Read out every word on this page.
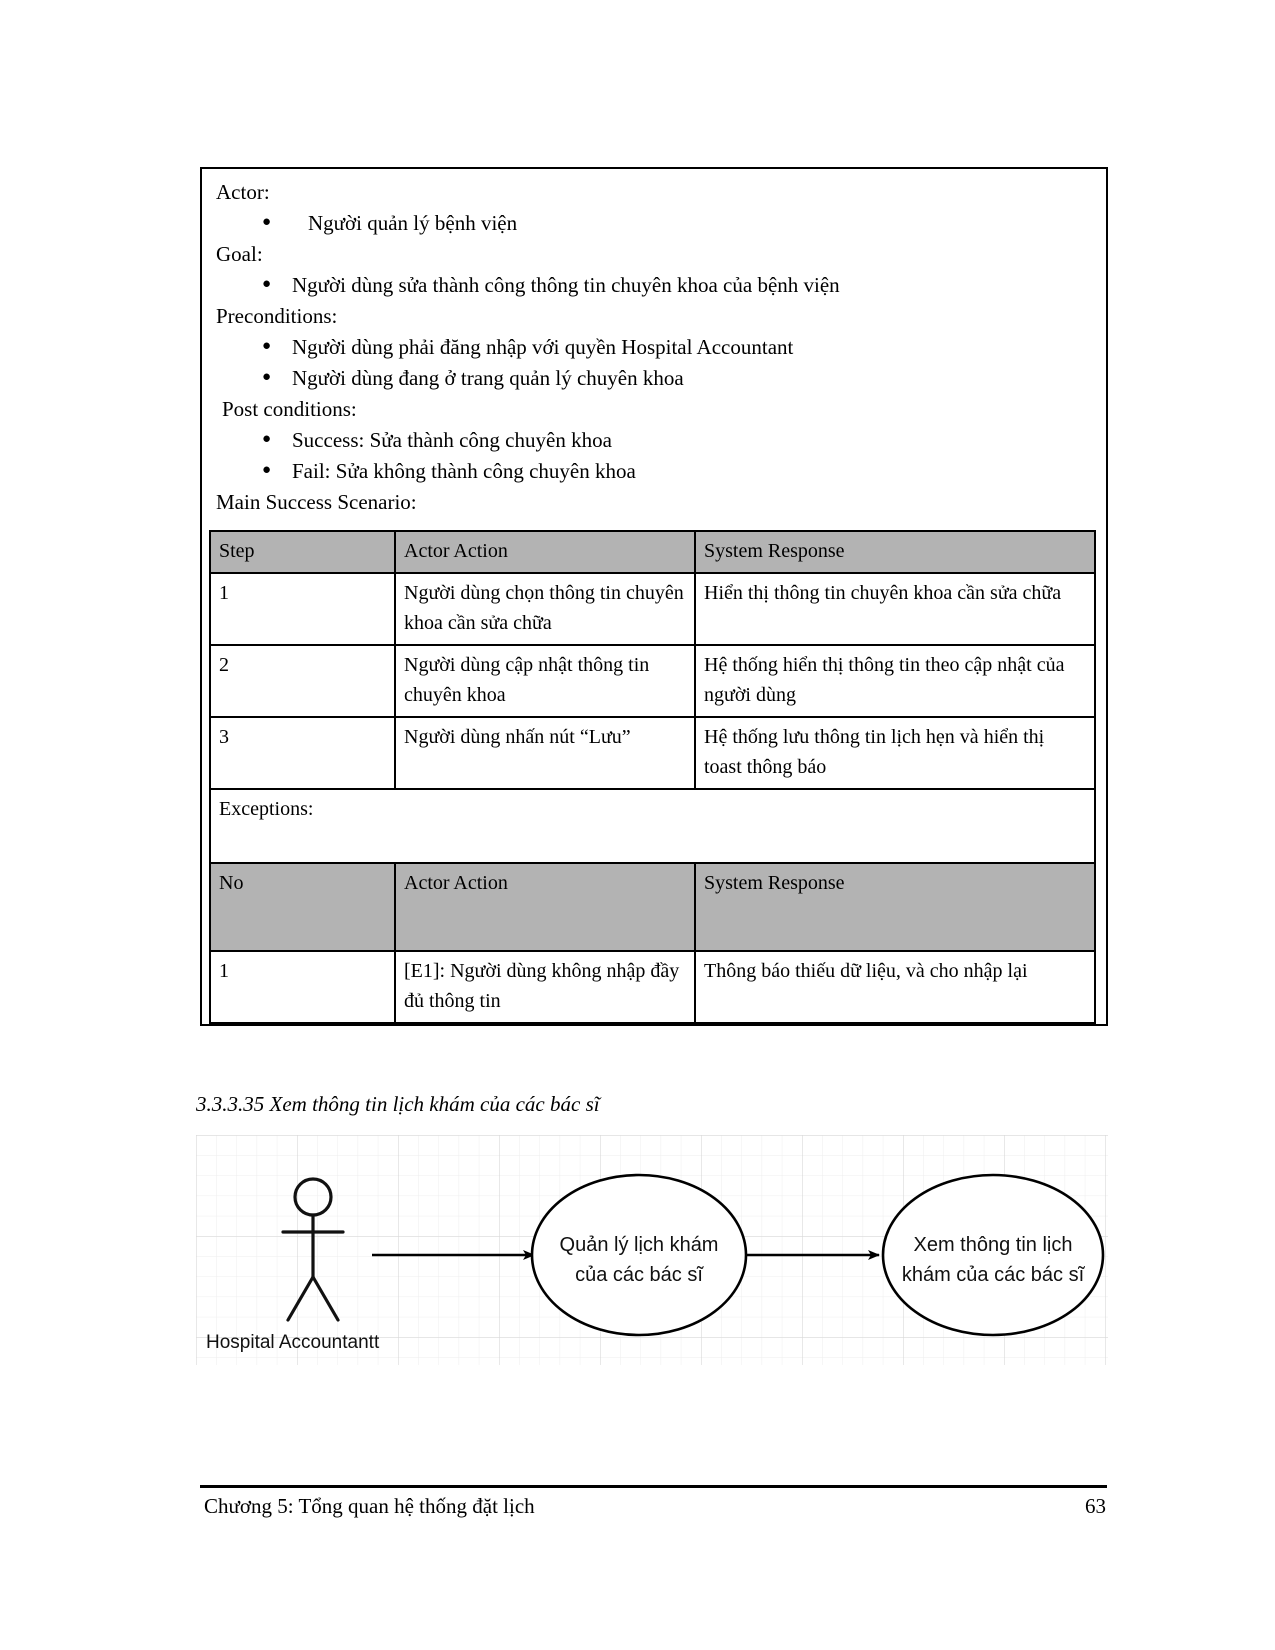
Actor:
● Người quản lý bệnh viện
Goal:
● Người dùng sửa thành công thông tin chuyên khoa của bệnh viện
Preconditions:
● Người dùng phải đăng nhập với quyền Hospital Accountant
● Người dùng đang ở trang quản lý chuyên khoa
Post conditions:
● Success: Sửa thành công chuyên khoa
● Fail: Sửa không thành công chuyên khoa
Main Success Scenario:
Step	Actor Action	System Response
1	Người dùng chọn thông tin chuyên khoa cần sửa chữa	Hiển thị thông tin chuyên khoa cần sửa chữa
2	Người dùng cập nhật thông tin chuyên khoa	Hệ thống hiển thị thông tin theo cập nhật của người dùng
3	Người dùng nhấn nút “Lưu”	Hệ thống lưu thông tin lịch hẹn và hiển thị toast thông báo
Exceptions:		
No	Actor Action	System Response
1	[E1]: Người dùng không nhập đầy đủ thông tin	Thông báo thiếu dữ liệu, và cho nhập lại
3.3.3.35 Xem thông tin lịch khám của các bác sĩ
Hospital Accountantt
Quản lý lịch khám
của các bác sĩ
Xem thông tin lịch
khám của các bác sĩ
Chương 5: Tổng quan hệ thống đặt lịch	63
